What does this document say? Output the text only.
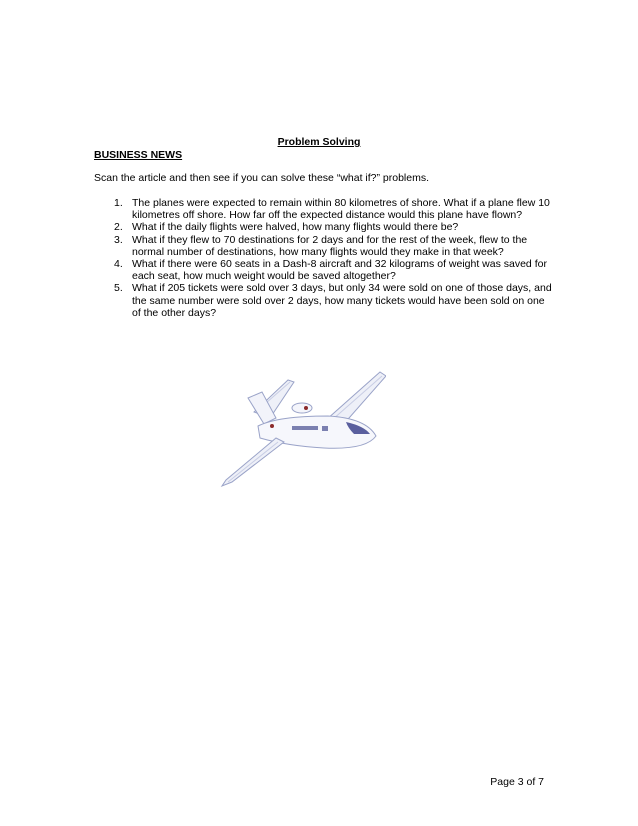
Problem Solving
BUSINESS NEWS
Scan the article and then see if you can solve these “what if?” problems.
1. The planes were expected to remain within 80 kilometres of shore. What if a plane flew 10 kilometres off shore. How far off the expected distance would this plane have flown?
2. What if the daily flights were halved, how many flights would there be?
3. What if they flew to 70 destinations for 2 days and for the rest of the week, flew to the normal number of destinations, how many flights would they make in that week?
4. What if there were 60 seats in a Dash-8 aircraft and 32 kilograms of weight was saved for each seat, how much weight would be saved altogether?
5. What if 205 tickets were sold over 3 days, but only 34 were sold on one of those days, and the same number were sold over 2 days, how many tickets would have been sold on one of the other days?
Page 3 of 7
